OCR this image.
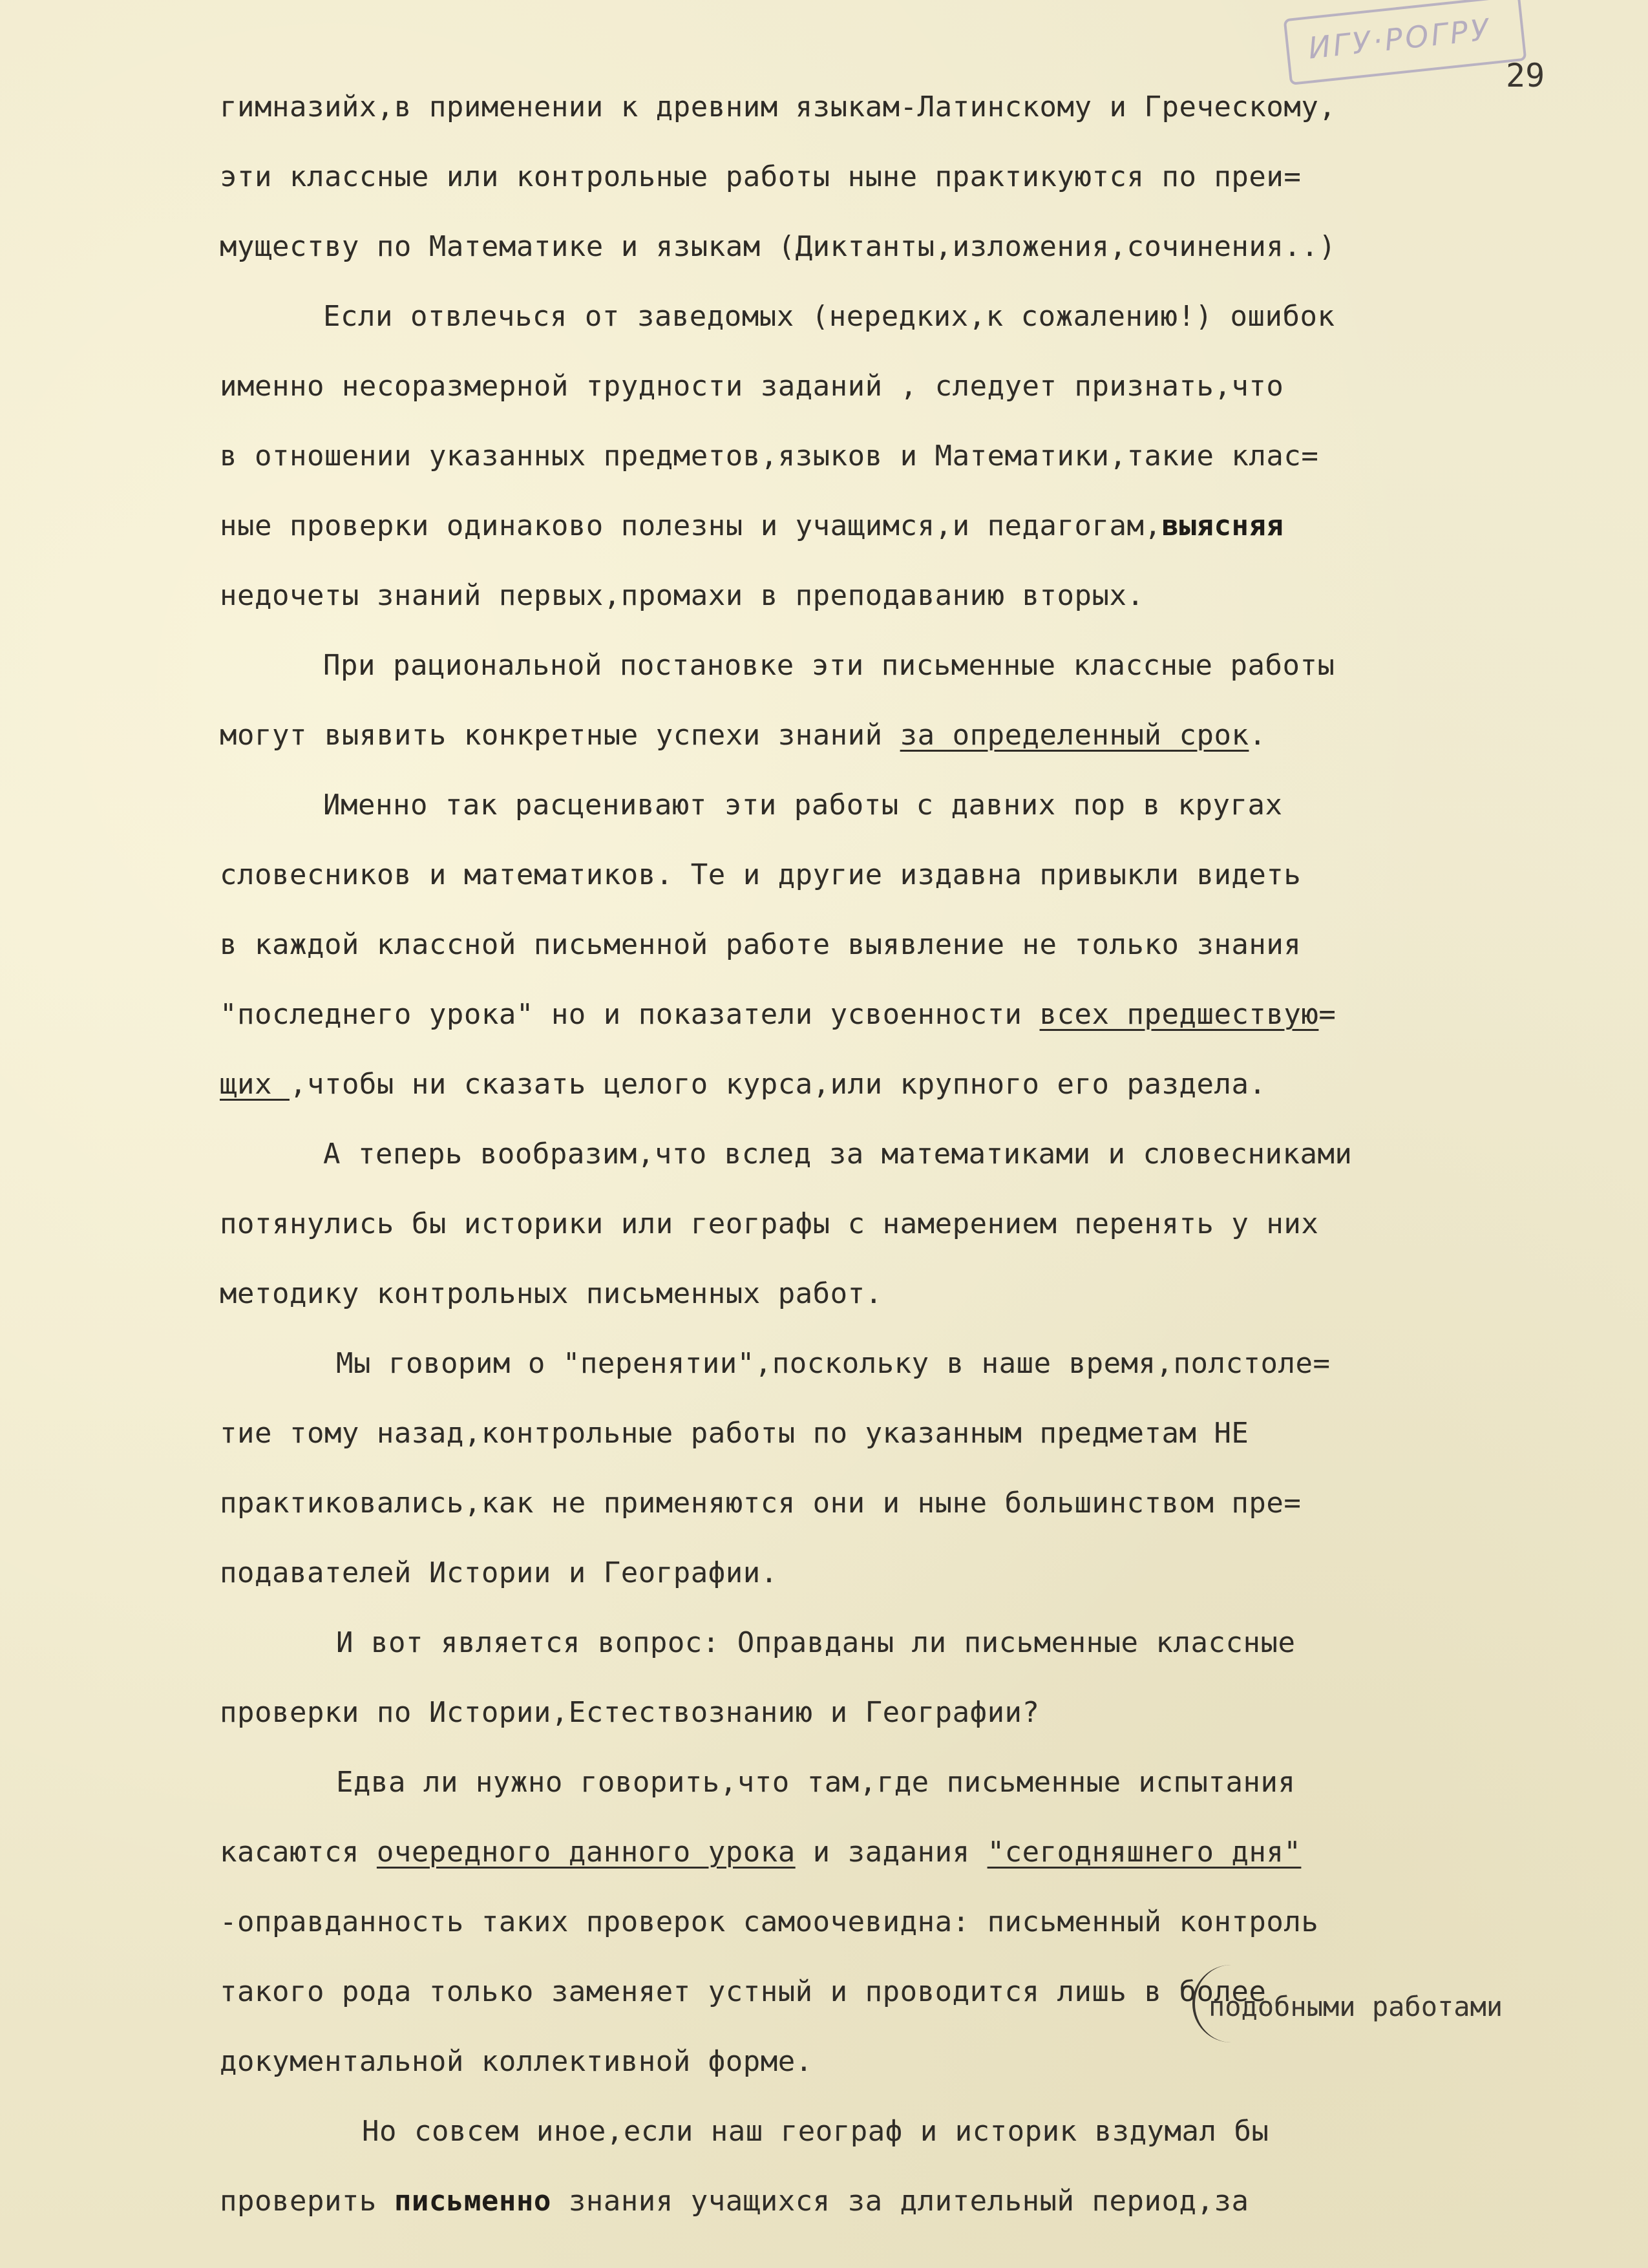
ИГУ·РОГРУ
29
гимназийх,в применении к древним языкам-Латинскому и Греческому,
эти классные или контрольные работы ныне практикуются по преи=
муществу по Математике и языкам (Диктанты,изложения,сочинения..)
Если отвлечься от заведомых (нередких,к сожалению!) ошибок
именно несоразмерной трудности заданий , следует признать,что
в отношении указанных предметов,языков и Математики,такие клас=
ные проверки одинаково полезны и учащимся,и педагогам,выясняя
недочеты знаний первых,промахи в преподаванию вторых.
При рациональной постановке эти письменные классные работы
могут выявить конкретные успехи знаний за определенный срок.
Именно так расценивают эти работы с давних пор в кругах
словесников и математиков. Те и другие издавна привыкли видеть
в каждой классной письменной работе выявление не только знания
"последнего урока" но и показатели усвоенности всех предшествую=
щих ,чтобы ни сказать целого курса,или крупного его раздела.
А теперь вообразим,что вслед за математиками и словесниками
потянулись бы историки или географы с намерением перенять у них
методику контрольных письменных работ.
Мы говорим о "перенятии",поскольку в наше время,полстоле=
тие тому назад,контрольные работы по указанным предметам НЕ
практиковались,как не применяются они и ныне большинством пре=
подавателей Истории и Географии.
И вот является вопрос: Оправданы ли письменные классные
проверки по Истории,Естествознанию и Географии?
Едва ли нужно говорить,что там,где письменные испытания
касаются очередного данного урока и задания "сегодняшнего дня"
-оправданность таких проверок самоочевидна: письменный контроль
такого рода только заменяет устный и проводится лишь в более
документальной коллективной форме.
Но совсем иное,если наш географ и историк вздумал бы
проверить письменно знания учащихся за длительный период,за
подобными работами
